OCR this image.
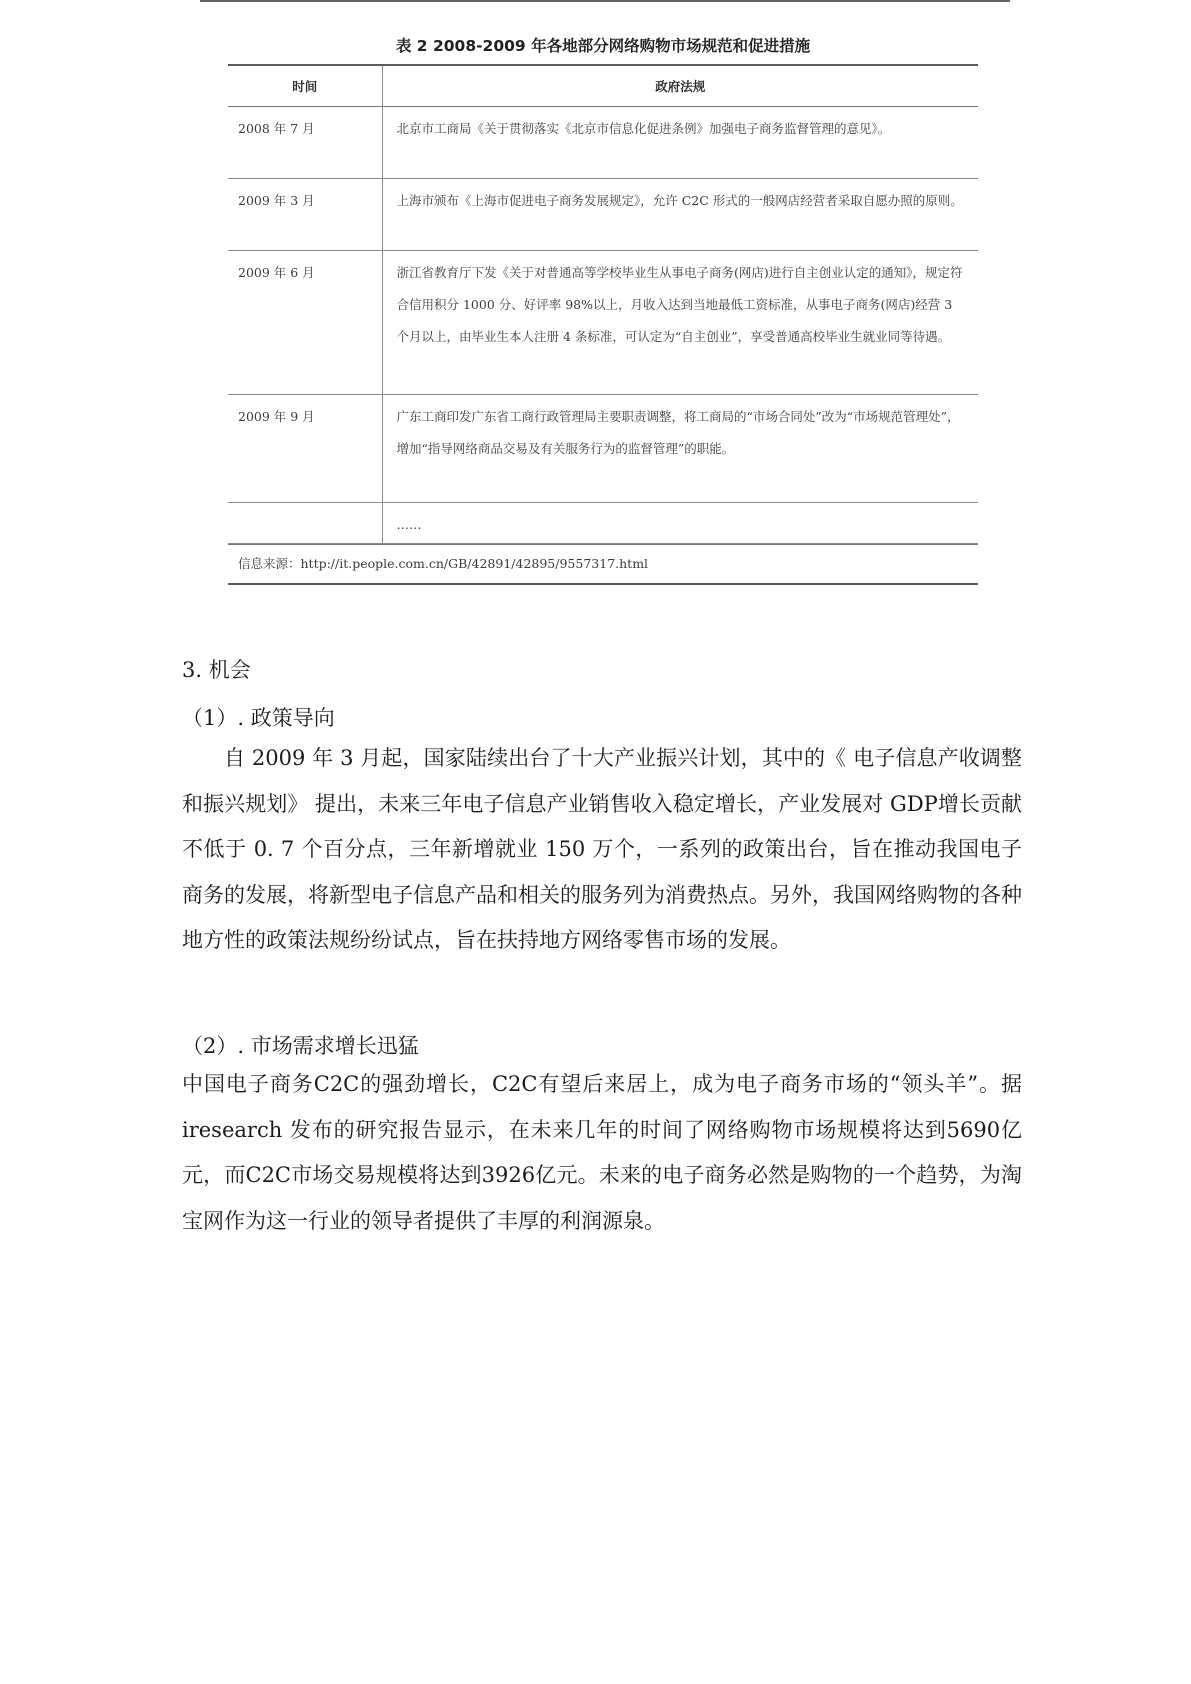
表 2 2008-2009 年各地部分网络购物市场规范和促进措施
时间	政府法规
2008 年 7 月	北京市工商局《关于贯彻落实《北京市信息化促进条例》加强电子商务监督管理的意见》。
2009 年 3 月	上海市颁布《上海市促进电子商务发展规定》，允许 C2C 形式的一般网店经营者采取自愿办照的原则。
2009 年 6 月	浙江省教育厅下发《关于对普通高等学校毕业生从事电子商务(网店)进行自主创业认定的通知》，规定符合信用积分 1000 分、好评率 98%以上，月收入达到当地最低工资标准，从事电子商务(网店)经营 3 个月以上，由毕业生本人注册 4 条标准，可认定为“自主创业”，享受普通高校毕业生就业同等待遇。
2009 年 9 月	广东工商印发广东省工商行政管理局主要职责调整，将工商局的“市场合同处”改为“市场规范管理处”，增加“指导网络商品交易及有关服务行为的监督管理”的职能。
	……
信息来源：http://it.people.com.cn/GB/42891/42895/9557317.html
3. 机会
（1）. 政策导向
自 2009 年 3 月起，国家陆续出台了十大产业振兴计划，其中的《 电子信息产收调整和振兴规划》 提出，未来三年电子信息产业销售收入稳定增长，产业发展对 GDP增长贡献不低于 0. 7 个百分点，三年新增就业 150 万个，一系列的政策出台，旨在推动我国电子商务的发展，将新型电子信息产品和相关的服务列为消费热点。另外，我国网络购物的各种地方性的政策法规纷纷试点，旨在扶持地方网络零售市场的发展。
（2）. 市场需求增长迅猛
中国电子商务C2C的强劲增长，C2C有望后来居上，成为电子商务市场的“领头羊”。据iresearch 发布的研究报告显示，在未来几年的时间了网络购物市场规模将达到5690亿元，而C2C市场交易规模将达到3926亿元。未来的电子商务必然是购物的一个趋势，为淘宝网作为这一行业的领导者提供了丰厚的利润源泉。
